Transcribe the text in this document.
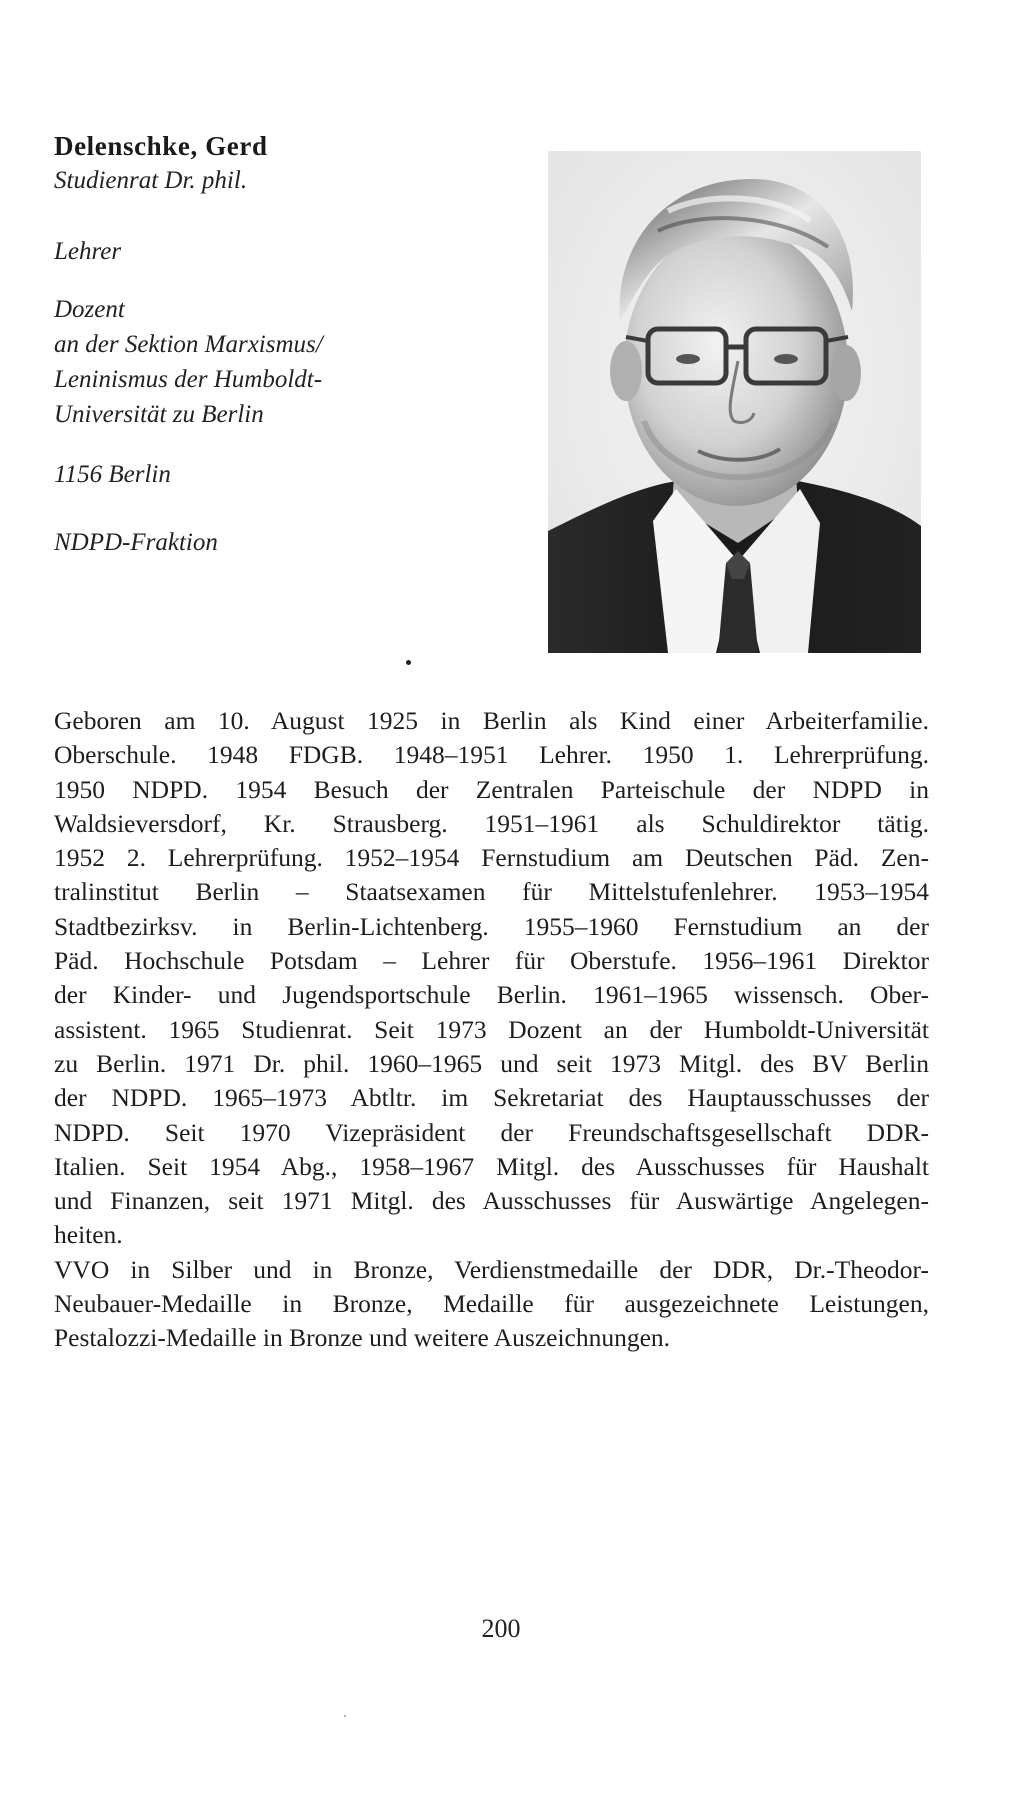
Delenschke, Gerd
Studienrat Dr. phil.
Lehrer
Dozent
an der Sektion Marxismus/
Leninismus der Humboldt-
Universität zu Berlin
1156 Berlin
NDPD-Fraktion
Geboren am 10. August 1925 in Berlin als Kind einer Arbeiterfamilie.
Oberschule. 1948 FDGB. 1948–1951 Lehrer. 1950 1. Lehrerprüfung.
1950 NDPD. 1954 Besuch der Zentralen Parteischule der NDPD in
Waldsieversdorf, Kr. Strausberg. 1951–1961 als Schuldirektor tätig.
1952 2. Lehrerprüfung. 1952–1954 Fernstudium am Deutschen Päd. Zen-
tralinstitut Berlin – Staatsexamen für Mittelstufenlehrer. 1953–1954
Stadtbezirksv. in Berlin-Lichtenberg. 1955–1960 Fernstudium an der
Päd. Hochschule Potsdam – Lehrer für Oberstufe. 1956–1961 Direktor
der Kinder- und Jugendsportschule Berlin. 1961–1965 wissensch. Ober-
assistent. 1965 Studienrat. Seit 1973 Dozent an der Humboldt-Universität
zu Berlin. 1971 Dr. phil. 1960–1965 und seit 1973 Mitgl. des BV Berlin
der NDPD. 1965–1973 Abtltr. im Sekretariat des Hauptausschusses der
NDPD. Seit 1970 Vizepräsident der Freundschaftsgesellschaft DDR-
Italien. Seit 1954 Abg., 1958–1967 Mitgl. des Ausschusses für Haushalt
und Finanzen, seit 1971 Mitgl. des Ausschusses für Auswärtige Angelegen-
heiten.
VVO in Silber und in Bronze, Verdienstmedaille der DDR, Dr.-Theodor-
Neubauer-Medaille in Bronze, Medaille für ausgezeichnete Leistungen,
Pestalozzi-Medaille in Bronze und weitere Auszeichnungen.
200
